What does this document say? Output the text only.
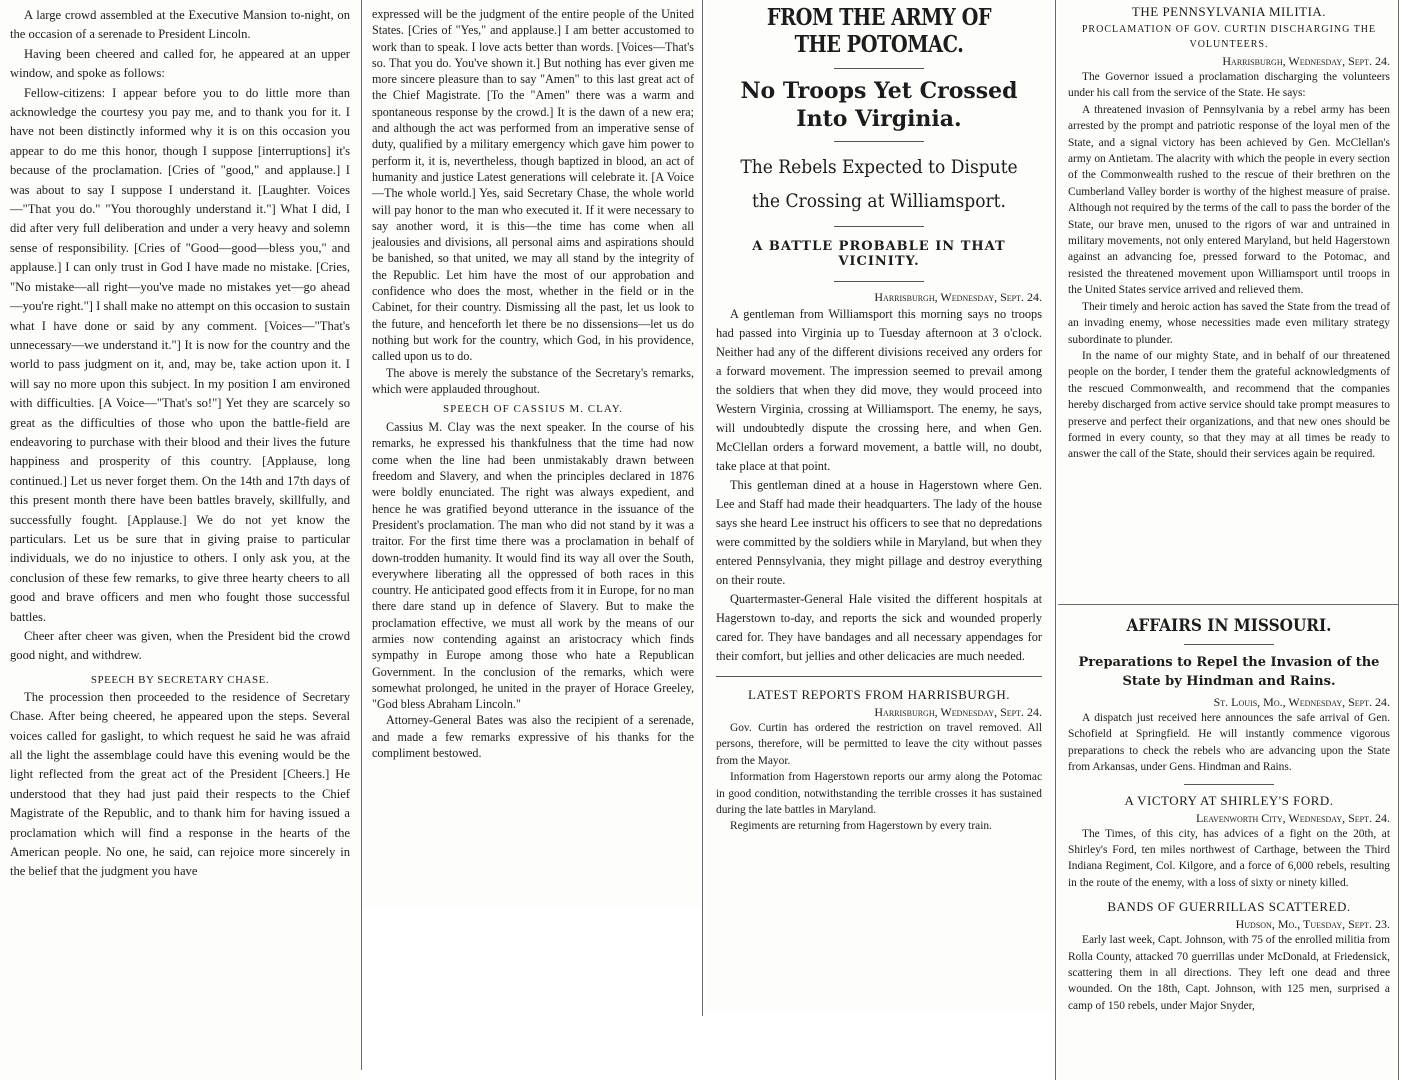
A large crowd assembled at the Executive Mansion to-night, on the occasion of a serenade to President Lincoln.

Having been cheered and called for, he appeared at an upper window, and spoke as follows:

Fellow-citizens: I appear before you to do little more than acknowledge the courtesy you pay me, and to thank you for it. I have not been distinctly informed why it is on this occasion you appear to do me this honor, though I suppose [interruptions] it's because of the proclamation. [Cries of "good," and applause.] I was about to say I suppose I understand it. [Laughter. Voices—"That you do." "You thoroughly understand it."] What I did, I did after very full deliberation and under a very heavy and solemn sense of responsibility. [Cries of "Good—good—bless you," and applause.] I can only trust in God I have made no mistake. [Cries, "No mistake—all right—you've made no mistakes yet—go ahead—you're right."] I shall make no attempt on this occasion to sustain what I have done or said by any comment. [Voices—"That's unnecessary—we understand it."] It is now for the country and the world to pass judgment on it, and, may be, take action upon it. I will say no more upon this subject. In my position I am environed with difficulties. [A Voice—"That's so!"] Yet they are scarcely so great as the difficulties of those who upon the battle-field are endeavoring to purchase with their blood and their lives the future happiness and prosperity of this country. [Applause, long continued.] Let us never forget them. On the 14th and 17th days of this present month there have been battles bravely, skillfully, and successfully fought. [Applause.] We do not yet know the particulars. Let us be sure that in giving praise to particular individuals, we do no injustice to others. I only ask you, at the conclusion of these few remarks, to give three hearty cheers to all good and brave officers and men who fought those successful battles.

Cheer after cheer was given, when the President bid the crowd good night, and withdrew.

SPEECH BY SECRETARY CHASE.

The procession then proceeded to the residence of Secretary Chase. After being cheered, he appeared upon the steps. Several voices called for gaslight, to which request he said he was afraid all the light the assemblage could have this evening would be the light reflected from the great act of the President [Cheers.] He understood that they had just paid their respects to the Chief Magistrate of the Republic, and to thank him for having issued a proclamation which will find a response in the hearts of the American people. No one, he said, can rejoice more sincerely in the belief that the judgment you have

expressed will be the judgment of the entire people of the United States. [Cries of "Yes," and applause.] I am better accustomed to work than to speak. I love acts better than words. [Voices—That's so. That you do. You've shown it.] But nothing has ever given me more sincere pleasure than to say "Amen" to this last great act of the Chief Magistrate. [To the "Amen" there was a warm and spontaneous response by the crowd.] It is the dawn of a new era; and although the act was performed from an imperative sense of duty, qualified by a military emergency which gave him power to perform it, it is, nevertheless, though baptized in blood, an act of humanity and justice Latest generations will celebrate it. [A Voice—The whole world.] Yes, said Secretary Chase, the whole world will pay honor to the man who executed it. If it were necessary to say another word, it is this—the time has come when all jealousies and divisions, all personal aims and aspirations should be banished, so that united, we may all stand by the integrity of the Republic. Let him have the most of our approbation and confidence who does the most, whether in the field or in the Cabinet, for their country. Dismissing all the past, let us look to the future, and henceforth let there be no dissensions—let us do nothing but work for the country, which God, in his providence, called upon us to do.

The above is merely the substance of the Secretary's remarks, which were applauded throughout.

SPEECH OF CASSIUS M. CLAY.

Cassius M. Clay was the next speaker. In the course of his remarks, he expressed his thankfulness that the time had now come when the line had been unmistakably drawn between freedom and Slavery, and when the principles declared in 1876 were boldly enunciated. The right was always expedient, and hence he was gratified beyond utterance in the issuance of the President's proclamation. The man who did not stand by it was a traitor. For the first time there was a proclamation in behalf of down-trodden humanity. It would find its way all over the South, everywhere liberating all the oppressed of both races in this country. He anticipated good effects from it in Europe, for no man there dare stand up in defence of Slavery. But to make the proclamation effective, we must all work by the means of our armies now contending against an aristocracy which finds sympathy in Europe among those who hate a Republican Government. In the conclusion of the remarks, which were somewhat prolonged, he united in the prayer of Horace Greeley, "God bless Abraham Lincoln."

Attorney-General Bates was also the recipient of a serenade, and made a few remarks expressive of his thanks for the compliment bestowed.

FROM THE ARMY OF THE POTOMAC.
No Troops Yet Crossed Into Virginia.
The Rebels Expected to Dispute the Crossing at Williamsport.
A BATTLE PROBABLE IN THAT VICINITY.
Harrisburgh, Wednesday, Sept. 24.

A gentleman from Williamsport this morning says no troops had passed into Virginia up to Tuesday afternoon at 3 o'clock. Neither had any of the different divisions received any orders for a forward movement. The impression seemed to prevail among the soldiers that when they did move, they would proceed into Western Virginia, crossing at Williamsport. The enemy, he says, will undoubtedly dispute the crossing here, and when Gen. McClellan orders a forward movement, a battle will, no doubt, take place at that point.

This gentleman dined at a house in Hagerstown where Gen. Lee and Staff had made their headquarters. The lady of the house says she heard Lee instruct his officers to see that no depredations were committed by the soldiers while in Maryland, but when they entered Pennsylvania, they might pillage and destroy everything on their route.

Quartermaster-General Hale visited the different hospitals at Hagerstown to-day, and reports the sick and wounded properly cared for. They have bandages and all necessary appendages for their comfort, but jellies and other delicacies are much needed.

LATEST REPORTS FROM HARRISBURGH.
Harrisburgh, Wednesday, Sept. 24.

Gov. Curtin has ordered the restriction on travel removed. All persons, therefore, will be permitted to leave the city without passes from the Mayor.

Information from Hagerstown reports our army along the Potomac in good condition, notwithstanding the terrible crosses it has sustained during the late battles in Maryland.

Regiments are returning from Hagerstown by every train.

THE PENNSYLVANIA MILITIA.
PROCLAMATION OF GOV. CURTIN DISCHARGING THE VOLUNTEERS.
Harrisburgh, Wednesday, Sept. 24.

The Governor issued a proclamation discharging the volunteers under his call from the service of the State. He says:

A threatened invasion of Pennsylvania by a rebel army has been arrested by the prompt and patriotic response of the loyal men of the State, and a signal victory has been achieved by Gen. McClellan's army on Antietam. The alacrity with which the people in every section of the Commonwealth rushed to the rescue of their brethren on the Cumberland Valley border is worthy of the highest measure of praise. Although not required by the terms of the call to pass the border of the State, our brave men, unused to the rigors of war and untrained in military movements, not only entered Maryland, but held Hagerstown against an advancing foe, pressed forward to the Potomac, and resisted the threatened movement upon Williamsport until troops in the United States service arrived and relieved them.

Their timely and heroic action has saved the State from the tread of an invading enemy, whose necessities made even military strategy subordinate to plunder.

In the name of our mighty State, and in behalf of our threatened people on the border, I tender them the grateful acknowledgments of the rescued Commonwealth, and recommend that the companies hereby discharged from active service should take prompt measures to preserve and perfect their organizations, and that new ones should be formed in every county, so that they may at all times be ready to answer the call of the State, should their services again be required.

AFFAIRS IN MISSOURI.
Preparations to Repel the Invasion of the State by Hindman and Rains.
St. Louis, Mo., Wednesday, Sept. 24.

A dispatch just received here announces the safe arrival of Gen. Schofield at Springfield. He will instantly commence vigorous preparations to check the rebels who are advancing upon the State from Arkansas, under Gens. Hindman and Rains.

A VICTORY AT SHIRLEY'S FORD.
Leavenworth City, Wednesday, Sept. 24.

The Times, of this city, has advices of a fight on the 20th, at Shirley's Ford, ten miles northwest of Carthage, between the Third Indiana Regiment, Col. Kilgore, and a force of 6,000 rebels, resulting in the route of the enemy, with a loss of sixty or ninety killed.

BANDS OF GUERRILLAS SCATTERED.
Hudson, Mo., Tuesday, Sept. 23.

Early last week, Capt. Johnson, with 75 of the enrolled militia from Rolla County, attacked 70 guerrillas under McDonald, at Friedensick, scattering them in all directions. They left one dead and three wounded. On the 18th, Capt. Johnson, with 125 men, surprised a camp of 150 rebels, under Major Snyder,
